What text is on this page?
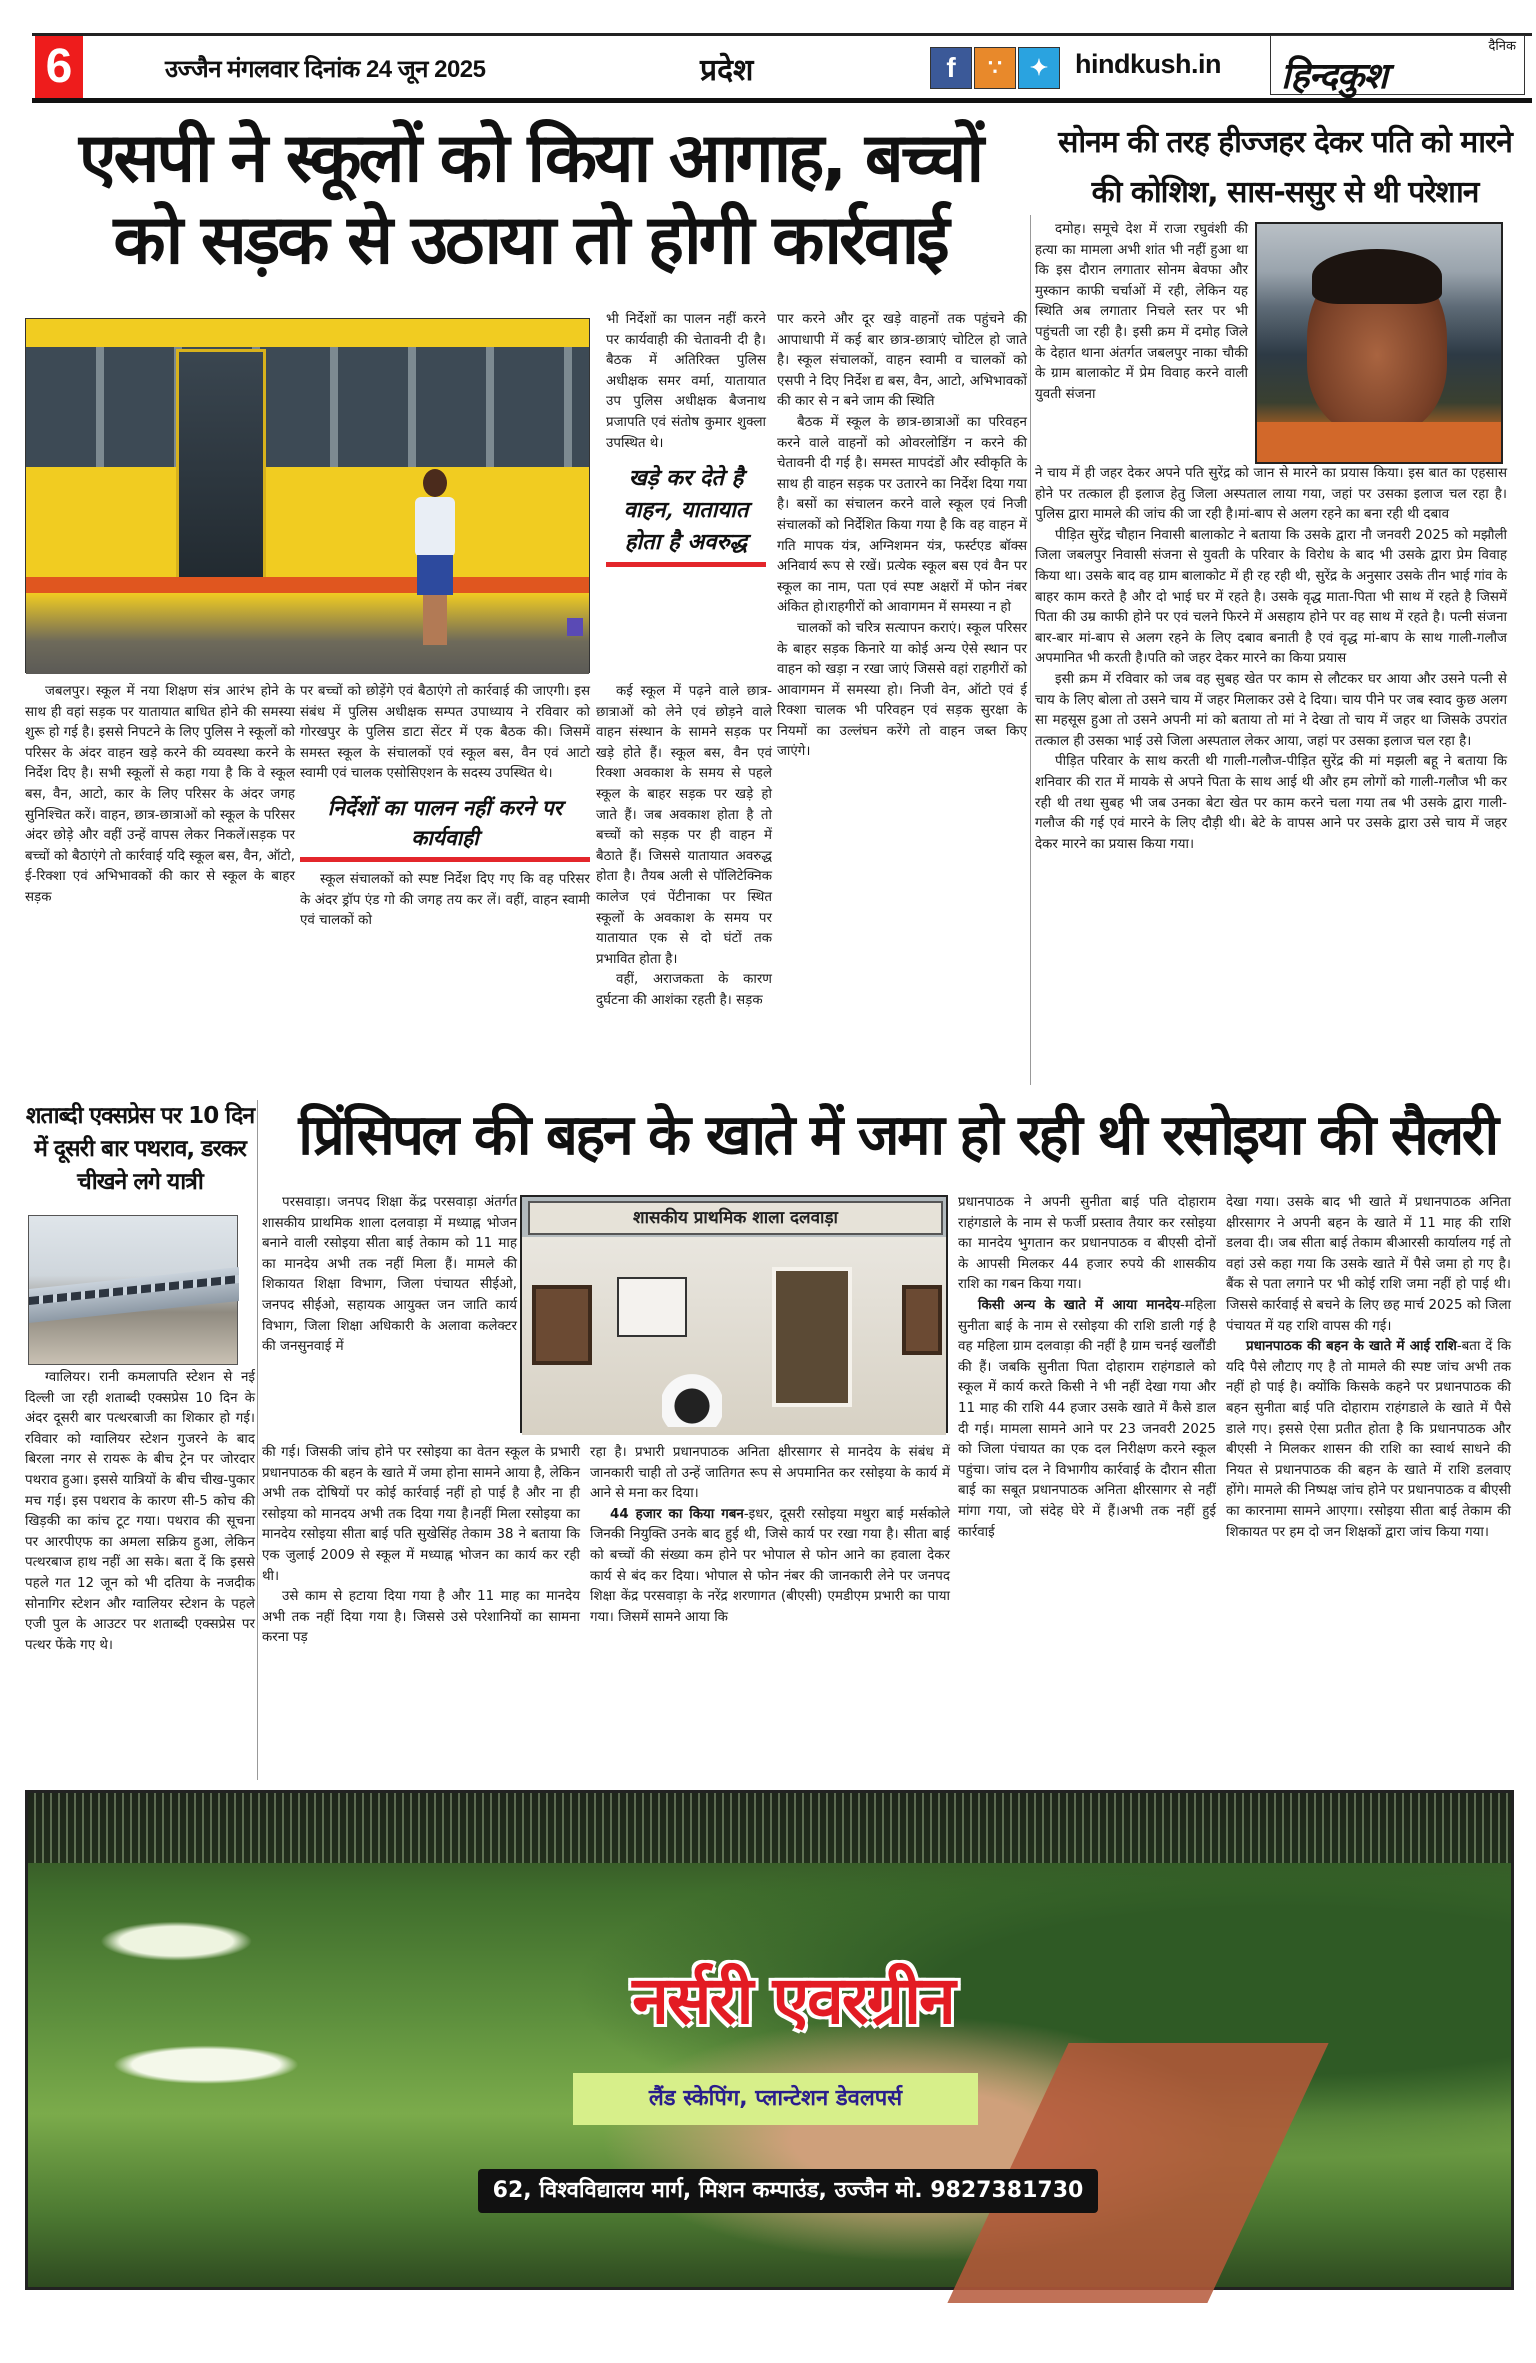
6	उज्जैन मंगलवार दिनांक 24 जून 2025	प्रदेश	f	∵	✦ hindkush.in
दैनिक
हिन्दकुश
एसपी ने स्कूलों को किया आगाह, बच्चों
को सड़क से उठाया तो होगी कार्रवाई

भी निर्देशों का पालन नहीं करने पर कार्यवाही की चेतावनी दी है। बैठक में अतिरिक्त पुलिस अधीक्षक समर वर्मा, यातायात उप पुलिस अधीक्षक बैजनाथ प्रजापति एवं संतोष कुमार शुक्ला उपस्थित थे।

खड़े कर देते है वाहन, यातायात होता है अवरुद्ध

जबलपुर। स्कूल में नया शिक्षण संत्र आरंभ होने के साथ ही वहां सड़क पर यातायात बाधित होने की समस्या शुरू हो गई है। इससे निपटने के लिए पुलिस ने स्कूलों को परिसर के अंदर वाहन खड़े करने की व्यवस्था करने के निर्देश दिए है। सभी स्कूलों से कहा गया है कि वे स्कूल बस, वैन, आटो, कार के लिए परिसर के अंदर जगह सुनिश्चित करें। वाहन, छात्र-छात्राओं को स्कूल के परिसर अंदर छोड़े और वहीं उन्हें वापस लेकर निकलें।सड़क पर बच्चों को बैठाएंगे तो कार्रवाई यदि स्कूल बस, वैन, ऑटो, ई-रिक्शा एवं अभिभावकों की कार से स्कूल के बाहर सड़क

पर बच्चों को छोड़ेंगे एवं बैठाएंगे तो कार्रवाई की जाएगी। इस संबंध में पुलिस अधीक्षक सम्पत उपाध्याय ने रविवार को गोरखपुर के पुलिस डाटा सेंटर में एक बैठक की। जिसमें समस्त स्कूल के संचालकों एवं स्कूल बस, वैन एवं आटो स्वामी एवं चालक एसोसिएशन के सदस्य उपस्थित थे।

निर्देशों का पालन नहीं करने पर कार्यवाही

स्कूल संचालकों को स्पष्ट निर्देश दिए गए कि वह परिसर के अंदर ड्रॉप एंड गो की जगह तय कर लें। वहीं, वाहन स्वामी एवं चालकों को

कई स्कूल में पढ़ने वाले छात्र-छात्राओं को लेने एवं छोड़ने वाले वाहन संस्थान के सामने सड़क पर खड़े होते हैं। स्कूल बस, वैन एवं रिक्शा अवकाश के समय से पहले स्कूल के बाहर सड़क पर खड़े हो जाते हैं। जब अवकाश होता है तो बच्चों को सड़क पर ही वाहन में बैठाते हैं। जिससे यातायात अवरुद्ध होता है। तैयब अली से पॉलिटेक्निक कालेज एवं पेंटीनाका पर स्थित स्कूलों के अवकाश के समय पर यातायात एक से दो घंटों तक प्रभावित होता है।

वहीं, अराजकता के कारण दुर्घटना की आशंका रहती है। सड़क

पार करने और दूर खड़े वाहनों तक पहुंचने की आपाधापी में कई बार छात्र-छात्राएं चोटिल हो जाते है। स्कूल संचालकों, वाहन स्वामी व चालकों को एसपी ने दिए निर्देश द्य बस, वैन, आटो, अभिभावकों की कार से न बने जाम की स्थिति

बैठक में स्कूल के छात्र-छात्राओं का परिवहन करने वाले वाहनों को ओवरलोडिंग न करने की चेतावनी दी गई है। समस्त मापदंडों और स्वीकृति के साथ ही वाहन सड़क पर उतारने का निर्देश दिया गया है। बसों का संचालन करने वाले स्कूल एवं निजी संचालकों को निर्देशित किया गया है कि वह वाहन में गति मापक यंत्र, अग्निशमन यंत्र, फर्स्टएड बॉक्स अनिवार्य रूप से रखें। प्रत्येक स्कूल बस एवं वैन पर स्कूल का नाम, पता एवं स्पष्ट अक्षरों में फोन नंबर अंकित हो।राहगीरों को आवागमन में समस्या न हो

चालकों को चरित्र सत्यापन कराएं। स्कूल परिसर के बाहर सड़क किनारे या कोई अन्य ऐसे स्थान पर वाहन को खड़ा न रखा जाएं जिससे वहां राहगीरों को आवागमन में समस्या हो। निजी वेन, ऑटो एवं ई रिक्शा चालक भी परिवहन एवं सड़क सुरक्षा के नियमों का उल्लंघन करेंगे तो वाहन जब्त किए जाएंगे।

सोनम की तरह हीज्जहर देकर पति को मारने
की कोशिश, सास-ससुर से थी परेशान

दमोह। समूचे देश में राजा रघुवंशी की हत्या का मामला अभी शांत भी नहीं हुआ था कि इस दौरान लगातार सोनम बेवफा और मुस्कान काफी चर्चाओं में रही, लेकिन यह स्थिति अब लगातार निचले स्तर पर भी पहुंचती जा रही है। इसी क्रम में दमोह जिले के देहात थाना अंतर्गत जबलपुर नाका चौकी के ग्राम बालाकोट में प्रेम विवाह करने वाली युवती संजना

ने चाय में ही जहर देकर अपने पति सुरेंद्र को जान से मारने का प्रयास किया। इस बात का एहसास होने पर तत्काल ही इलाज हेतु जिला अस्पताल लाया गया, जहां पर उसका इलाज चल रहा है। पुलिस द्वारा मामले की जांच की जा रही है।मां-बाप से अलग रहने का बना रही थी दबाव

पीड़ित सुरेंद्र चौहान निवासी बालाकोट ने बताया कि उसके द्वारा नौ जनवरी 2025 को मझौली जिला जबलपुर निवासी संजना से युवती के परिवार के विरोध के बाद भी उसके द्वारा प्रेम विवाह किया था। उसके बाद वह ग्राम बालाकोट में ही रह रही थी, सुरेंद्र के अनुसार उसके तीन भाई गांव के बाहर काम करते है और दो भाई घर में रहते है। उसके वृद्ध माता-पिता भी साथ में रहते है जिसमें पिता की उम्र काफी होने पर एवं चलने फिरने में असहाय होने पर वह साथ में रहते है। पत्नी संजना बार-बार मां-बाप से अलग रहने के लिए दबाव बनाती है एवं वृद्ध मां-बाप के साथ गाली-गलौज अपमानित भी करती है।पति को जहर देकर मारने का किया प्रयास

इसी क्रम में रविवार को जब वह सुबह खेत पर काम से लौटकर घर आया और उसने पत्नी से चाय के लिए बोला तो उसने चाय में जहर मिलाकर उसे दे दिया। चाय पीने पर जब स्वाद कुछ अलग सा महसूस हुआ तो उसने अपनी मां को बताया तो मां ने देखा तो चाय में जहर था जिसके उपरांत तत्काल ही उसका भाई उसे जिला अस्पताल लेकर आया, जहां पर उसका इलाज चल रहा है।

पीड़ित परिवार के साथ करती थी गाली-गलौज-पीड़ित सुरेंद्र की मां मझली बहू ने बताया कि शनिवार की रात में मायके से अपने पिता के साथ आई थी और हम लोगों को गाली-गलौज भी कर रही थी तथा सुबह भी जब उनका बेटा खेत पर काम करने चला गया तब भी उसके द्वारा गाली-गलौज की गई एवं मारने के लिए दौड़ी थी। बेटे के वापस आने पर उसके द्वारा उसे चाय में जहर देकर मारने का प्रयास किया गया।

शताब्दी एक्सप्रेस पर 10 दिन में दूसरी बार पथराव, डरकर चीखने लगे यात्री

ग्वालियर। रानी कमलापति स्टेशन से नई दिल्ली जा रही शताब्दी एक्सप्रेस 10 दिन के अंदर दूसरी बार पत्थरबाजी का शिकार हो गई। रविवार को ग्वालियर स्टेशन गुजरने के बाद बिरला नगर से रायरू के बीच ट्रेन पर जोरदार पथराव हुआ। इससे यात्रियों के बीच चीख-पुकार मच गई। इस पथराव के कारण सी-5 कोच की खिड़की का कांच टूट गया। पथराव की सूचना पर आरपीएफ का अमला सक्रिय हुआ, लेकिन पत्थरबाज हाथ नहीं आ सके। बता दें कि इससे पहले गत 12 जून को भी दतिया के नजदीक सोनागिर स्टेशन और ग्वालियर स्टेशन के पहले एजी पुल के आउटर पर शताब्दी एक्सप्रेस पर पत्थर फेंके गए थे।

प्रिंसिपल की बहन के खाते में जमा हो रही थी रसोइया की सैलरी
शासकीय प्राथमिक शाला दलवाड़ा

परसवाड़ा। जनपद शिक्षा केंद्र परसवाड़ा अंतर्गत शासकीय प्राथमिक शाला दलवाड़ा में मध्याह्न भोजन बनाने वाली रसोइया सीता बाई तेकाम को 11 माह का मानदेय अभी तक नहीं मिला हैं। मामले की शिकायत शिक्षा विभाग, जिला पंचायत सीईओ, जनपद सीईओ, सहायक आयुक्त जन जाति कार्य विभाग, जिला शिक्षा अधिकारी के अलावा कलेक्टर की जनसुनवाई में

की गई। जिसकी जांच होने पर रसोइया का वेतन स्कूल के प्रभारी प्रधानपाठक की बहन के खाते में जमा होना सामने आया है, लेकिन अभी तक दोषियों पर कोई कार्रवाई नहीं हो पाई है और ना ही रसोइया को मानदय अभी तक दिया गया है।नहीं मिला रसोइया का मानदेय रसोइया सीता बाई पति सुखेसिंह तेकाम 38 ने बताया कि एक जुलाई 2009 से स्कूल में मध्याह्न भोजन का कार्य कर रही थी।

उसे काम से हटाया दिया गया है और 11 माह का मानदेय अभी तक नहीं दिया गया है। जिससे उसे परेशानियों का सामना करना पड़

रहा है। प्रभारी प्रधानपाठक अनिता क्षीरसागर से मानदेय के संबंध में जानकारी चाही तो उन्हें जातिगत रूप से अपमानित कर रसोइया के कार्य में आने से मना कर दिया।

44 हजार का किया गबन-इधर, दूसरी रसोइया मथुरा बाई मर्सकोले जिनकी नियुक्ति उनके बाद हुई थी, जिसे कार्य पर रखा गया है। सीता बाई को बच्चों की संख्या कम होने पर भोपाल से फोन आने का हवाला देकर कार्य से बंद कर दिया। भोपाल से फोन नंबर की जानकारी लेने पर जनपद शिक्षा केंद्र परसवाड़ा के नरेंद्र शरणागत (बीएसी) एमडीएम प्रभारी का पाया गया। जिसमें सामने आया कि

प्रधानपाठक ने अपनी सुनीता बाई पति दोहाराम राहंगडाले के नाम से फर्जी प्रस्ताव तैयार कर रसोइया का मानदेय भुगतान कर प्रधानपाठक व बीएसी दोनों के आपसी मिलकर 44 हजार रुपये की शासकीय राशि का गबन किया गया।

किसी अन्य के खाते में आया मानदेय-महिला सुनीता बाई के नाम से रसोइया की राशि डाली गई है वह महिला ग्राम दलवाड़ा की नहीं है ग्राम चनई खलौंडी की हैं। जबकि सुनीता पिता दोहाराम राहंगडाले को स्कूल में कार्य करते किसी ने भी नहीं देखा गया और 11 माह की राशि 44 हजार उसके खाते में कैसे डाल दी गई। मामला सामने आने पर 23 जनवरी 2025 को जिला पंचायत का एक दल निरीक्षण करने स्कूल पहुंचा। जांच दल ने विभागीय कार्रवाई के दौरान सीता बाई का सबूत प्रधानपाठक अनिता क्षीरसागर से नहीं मांगा गया, जो संदेह घेरे में हैं।अभी तक नहीं हुई कार्रवाई

देखा गया। उसके बाद भी खाते में प्रधानपाठक अनिता क्षीरसागर ने अपनी बहन के खाते में 11 माह की राशि डलवा दी। जब सीता बाई तेकाम बीआरसी कार्यालय गई तो वहां उसे कहा गया कि उसके खाते में पैसे जमा हो गए है। बैंक से पता लगाने पर भी कोई राशि जमा नहीं हो पाई थी। जिससे कार्रवाई से बचने के लिए छह मार्च 2025 को जिला पंचायत में यह राशि वापस की गई।

प्रधानपाठक की बहन के खाते में आई राशि-बता दें कि यदि पैसे लौटाए गए है तो मामले की स्पष्ट जांच अभी तक नहीं हो पाई है। क्योंकि किसके कहने पर प्रधानपाठक की बहन सुनीता बाई पति दोहाराम राहंगडाले के खाते में पैसे डाले गए। इससे ऐसा प्रतीत होता है कि प्रधानपाठक और बीएसी ने मिलकर शासन की राशि का स्वार्थ साधने की नियत से प्रधानपाठक की बहन के खाते में राशि डलवाए होंगे। मामले की निष्पक्ष जांच होने पर प्रधानपाठक व बीएसी का कारनामा सामने आएगा। रसोइया सीता बाई तेकाम की शिकायत पर हम दो जन शिक्षकों द्वारा जांच किया गया।

नर्सरी एवरग्रीन
लैंड स्केपिंग, प्लान्टेशन डेवलपर्स
62, विश्वविद्यालय मार्ग, मिशन कम्पाउंड, उज्जैन मो. 9827381730
